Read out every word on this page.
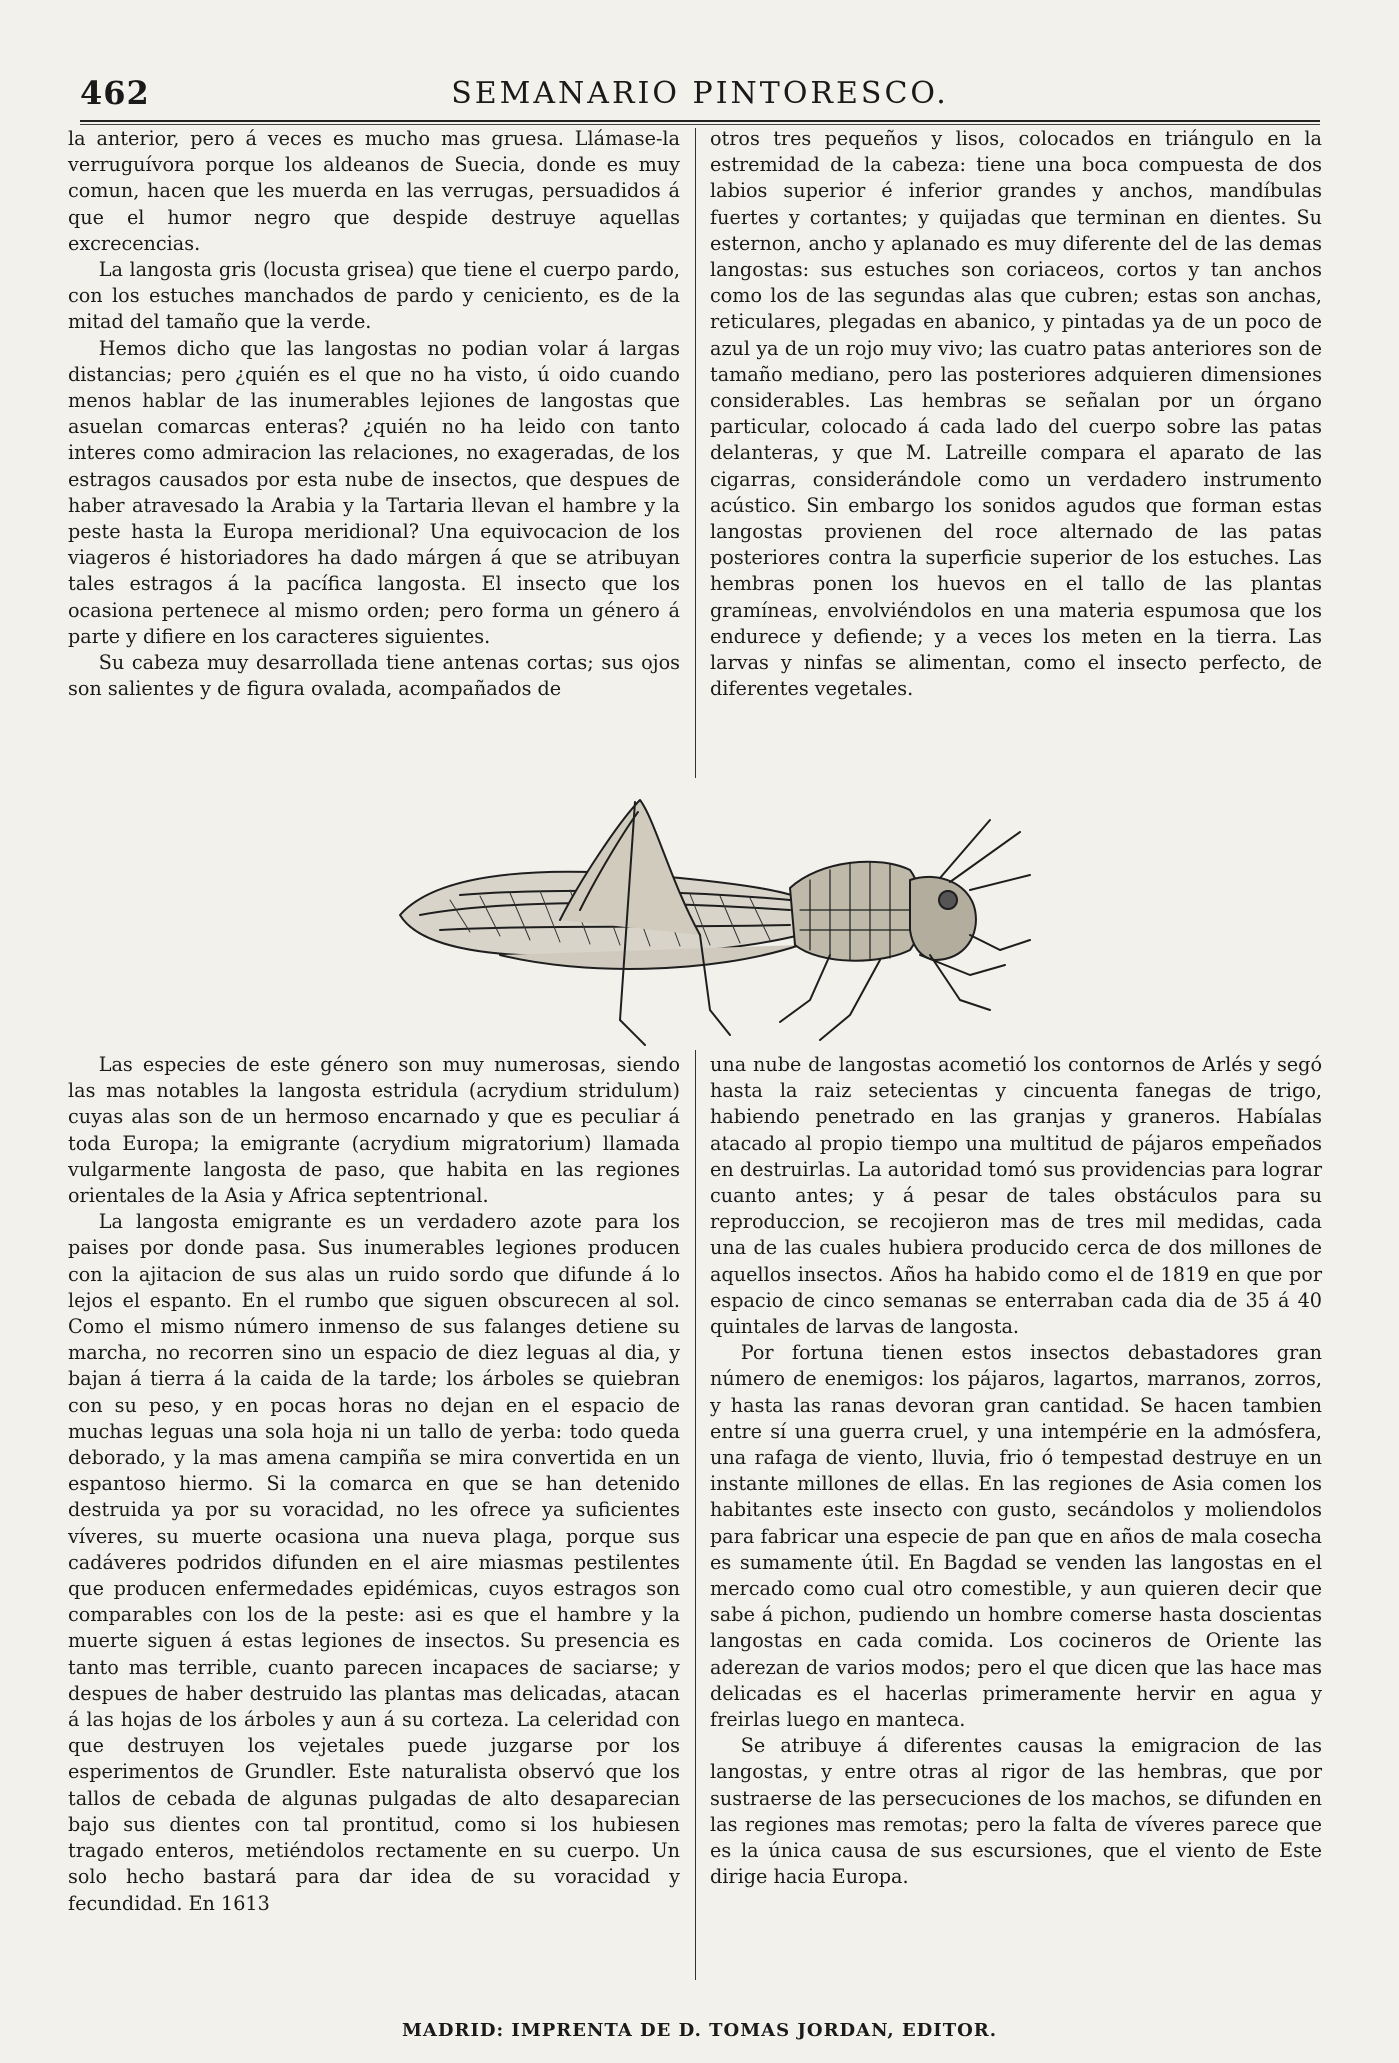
462	SEMANARIO PINTORESCO.

la anterior, pero á veces es mucho mas gruesa. Llámase-la verruguívora porque los aldeanos de Suecia, donde es muy comun, hacen que les muerda en las verrugas, persuadidos á que el humor negro que despide destruye aquellas excrecencias.

La langosta gris (locusta grisea) que tiene el cuerpo pardo, con los estuches manchados de pardo y ceniciento, es de la mitad del tamaño que la verde.

Hemos dicho que las langostas no podian volar á largas distancias; pero ¿quién es el que no ha visto, ú oido cuando menos hablar de las inumerables lejiones de langostas que asuelan comarcas enteras? ¿quién no ha leido con tanto interes como admiracion las relaciones, no exageradas, de los estragos causados por esta nube de insectos, que despues de haber atravesado la Arabia y la Tartaria llevan el hambre y la peste hasta la Europa meridional? Una equivocacion de los viageros é historiadores ha dado márgen á que se atribuyan tales estragos á la pacífica langosta. El insecto que los ocasiona pertenece al mismo orden; pero forma un género á parte y difiere en los caracteres siguientes.

Su cabeza muy desarrollada tiene antenas cortas; sus ojos son salientes y de figura ovalada, acompañados de

otros tres pequeños y lisos, colocados en triángulo en la estremidad de la cabeza: tiene una boca compuesta de dos labios superior é inferior grandes y anchos, mandíbulas fuertes y cortantes; y quijadas que terminan en dientes. Su esternon, ancho y aplanado es muy diferente del de las demas langostas: sus estuches son coriaceos, cortos y tan anchos como los de las segundas alas que cubren; estas son anchas, reticulares, plegadas en abanico, y pintadas ya de un poco de azul ya de un rojo muy vivo; las cuatro patas anteriores son de tamaño mediano, pero las posteriores adquieren dimensiones considerables. Las hembras se señalan por un órgano particular, colocado á cada lado del cuerpo sobre las patas delanteras, y que M. Latreille compara el aparato de las cigarras, considerándole como un verdadero instrumento acústico. Sin embargo los sonidos agudos que forman estas langostas provienen del roce alternado de las patas posteriores contra la superficie superior de los estuches. Las hembras ponen los huevos en el tallo de las plantas gramíneas, envolviéndolos en una materia espumosa que los endurece y defiende; y a veces los meten en la tierra. Las larvas y ninfas se alimentan, como el insecto perfecto, de diferentes vegetales.

Las especies de este género son muy numerosas, siendo las mas notables la langosta estridula (acrydium stridulum) cuyas alas son de un hermoso encarnado y que es peculiar á toda Europa; la emigrante (acrydium migratorium) llamada vulgarmente langosta de paso, que habita en las regiones orientales de la Asia y Africa septentrional.

La langosta emigrante es un verdadero azote para los paises por donde pasa. Sus inumerables legiones producen con la ajitacion de sus alas un ruido sordo que difunde á lo lejos el espanto. En el rumbo que siguen obscurecen al sol. Como el mismo número inmenso de sus falanges detiene su marcha, no recorren sino un espacio de diez leguas al dia, y bajan á tierra á la caida de la tarde; los árboles se quiebran con su peso, y en pocas horas no dejan en el espacio de muchas leguas una sola hoja ni un tallo de yerba: todo queda deborado, y la mas amena campiña se mira convertida en un espantoso hiermo. Si la comarca en que se han detenido destruida ya por su voracidad, no les ofrece ya suficientes víveres, su muerte ocasiona una nueva plaga, porque sus cadáveres podridos difunden en el aire miasmas pestilentes que producen enfermedades epidémicas, cuyos estragos son comparables con los de la peste: asi es que el hambre y la muerte siguen á estas legiones de insectos. Su presencia es tanto mas terrible, cuanto parecen incapaces de saciarse; y despues de haber destruido las plantas mas delicadas, atacan á las hojas de los árboles y aun á su corteza. La celeridad con que destruyen los vejetales puede juzgarse por los esperimentos de Grundler. Este naturalista observó que los tallos de cebada de algunas pulgadas de alto desaparecian bajo sus dientes con tal prontitud, como si los hubiesen tragado enteros, metiéndolos rectamente en su cuerpo. Un solo hecho bastará para dar idea de su voracidad y fecundidad. En 1613

una nube de langostas acometió los contornos de Arlés y segó hasta la raiz setecientas y cincuenta fanegas de trigo, habiendo penetrado en las granjas y graneros. Habíalas atacado al propio tiempo una multitud de pájaros empeñados en destruirlas. La autoridad tomó sus providencias para lograr cuanto antes; y á pesar de tales obstáculos para su reproduccion, se recojieron mas de tres mil medidas, cada una de las cuales hubiera producido cerca de dos millones de aquellos insectos. Años ha habido como el de 1819 en que por espacio de cinco semanas se enterraban cada dia de 35 á 40 quintales de larvas de langosta.

Por fortuna tienen estos insectos debastadores gran número de enemigos: los pájaros, lagartos, marranos, zorros, y hasta las ranas devoran gran cantidad. Se hacen tambien entre sí una guerra cruel, y una intempérie en la admósfera, una rafaga de viento, lluvia, frio ó tempestad destruye en un instante millones de ellas. En las regiones de Asia comen los habitantes este insecto con gusto, secándolos y moliendolos para fabricar una especie de pan que en años de mala cosecha es sumamente útil. En Bagdad se venden las langostas en el mercado como cual otro comestible, y aun quieren decir que sabe á pichon, pudiendo un hombre comerse hasta doscientas langostas en cada comida. Los cocineros de Oriente las aderezan de varios modos; pero el que dicen que las hace mas delicadas es el hacerlas primeramente hervir en agua y freirlas luego en manteca.

Se atribuye á diferentes causas la emigracion de las langostas, y entre otras al rigor de las hembras, que por sustraerse de las persecuciones de los machos, se difunden en las regiones mas remotas; pero la falta de víveres parece que es la única causa de sus escursiones, que el viento de Este dirige hacia Europa.

MADRID: IMPRENTA DE D. TOMAS JORDAN, EDITOR.
